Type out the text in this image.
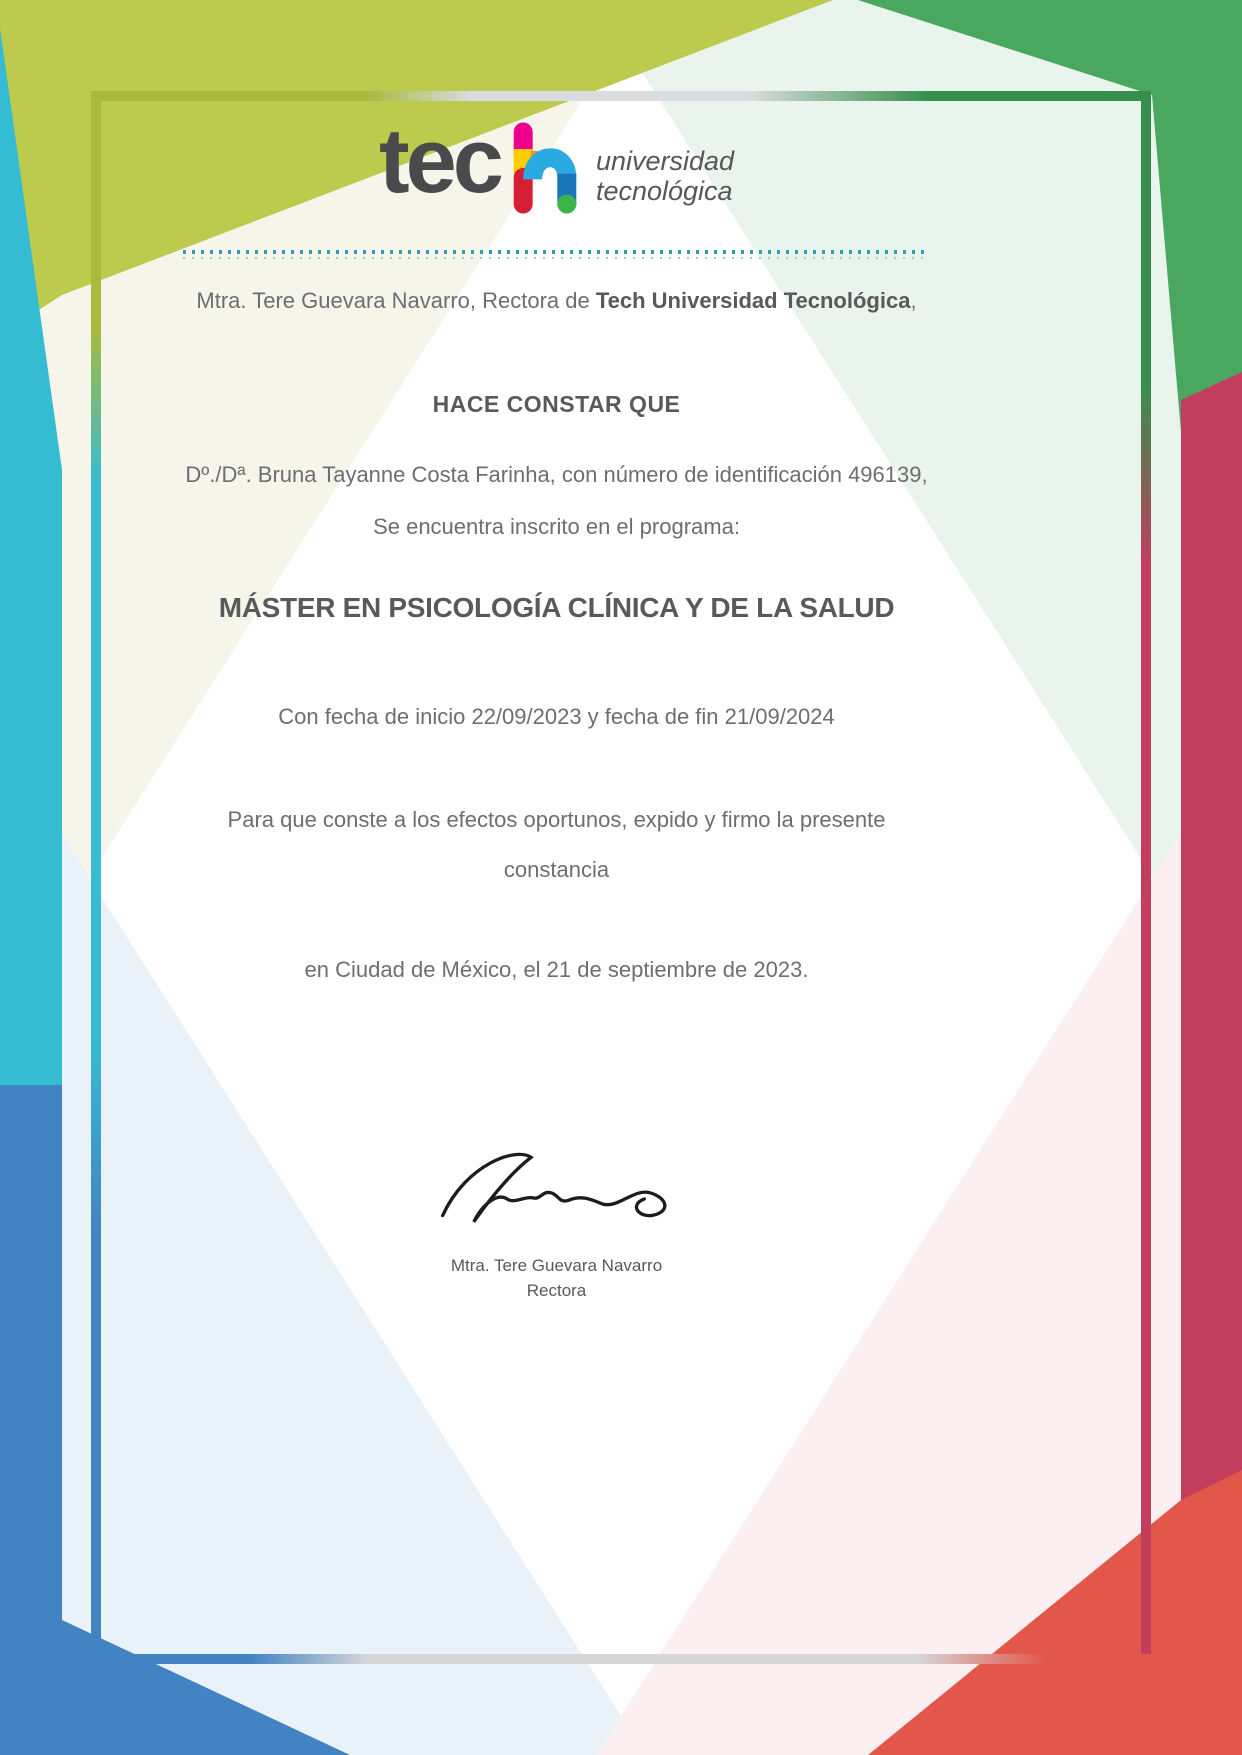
tec	universidad
tecnológica
Mtra. Tere Guevara Navarro, Rectora de Tech Universidad Tecnológica,
HACE CONSTAR QUE
Dº./Dª. Bruna Tayanne Costa Farinha, con número de identificación 496139,
Se encuentra inscrito en el programa:
MÁSTER EN PSICOLOGÍA CLÍNICA Y DE LA SALUD
Con fecha de inicio 22/09/2023 y fecha de fin 21/09/2024
Para que conste a los efectos oportunos, expido y firmo la presente
constancia
en Ciudad de México, el 21 de septiembre de 2023.
Mtra. Tere Guevara Navarro
Rectora
